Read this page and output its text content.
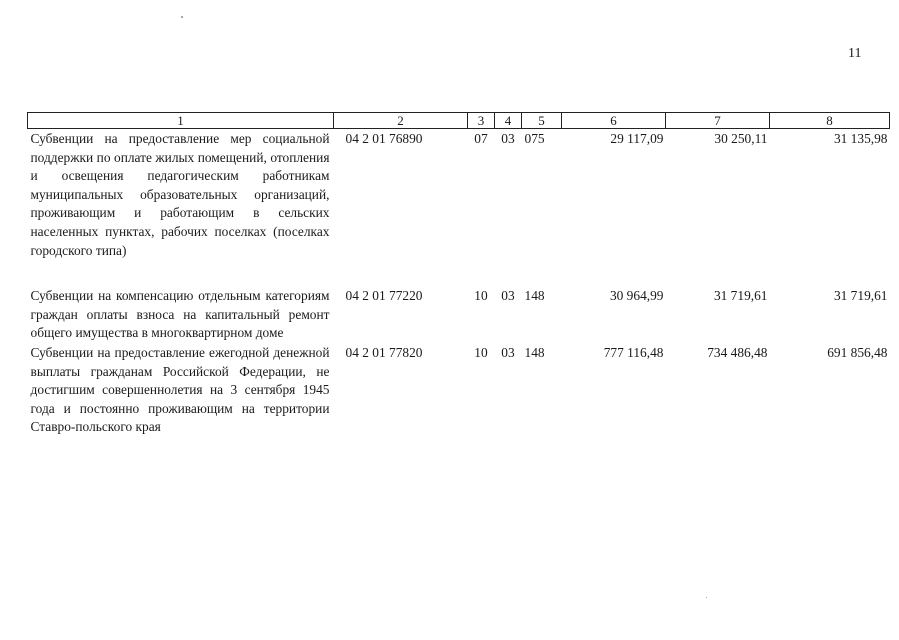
11
1	2	3	4	5	6	7	8
Субвенции на предоставление мер социальной поддержки по оплате жилых помещений, отопления и освещения педагогическим работникам муниципальных образовательных организаций, проживающим и работающим в сельских населенных пунктах, рабочих поселках (поселках городского типа)	04 2 01 76890	07	03	075	29 117,09	30 250,11	31 135,98

Субвенции на компенсацию отдельным категориям граждан оплаты взноса на капитальный ремонт общего имущества в многоквартирном доме	04 2 01 77220	10	03	148	30 964,99	31 719,61	31 719,61
Субвенции на предоставление ежегодной денежной выплаты гражданам Российской Федерации, не достигшим совершеннолетия на 3 сентября 1945 года и постоянно проживающим на территории Ставро-польского края	04 2 01 77820	10	03	148	777 116,48	734 486,48	691 856,48
